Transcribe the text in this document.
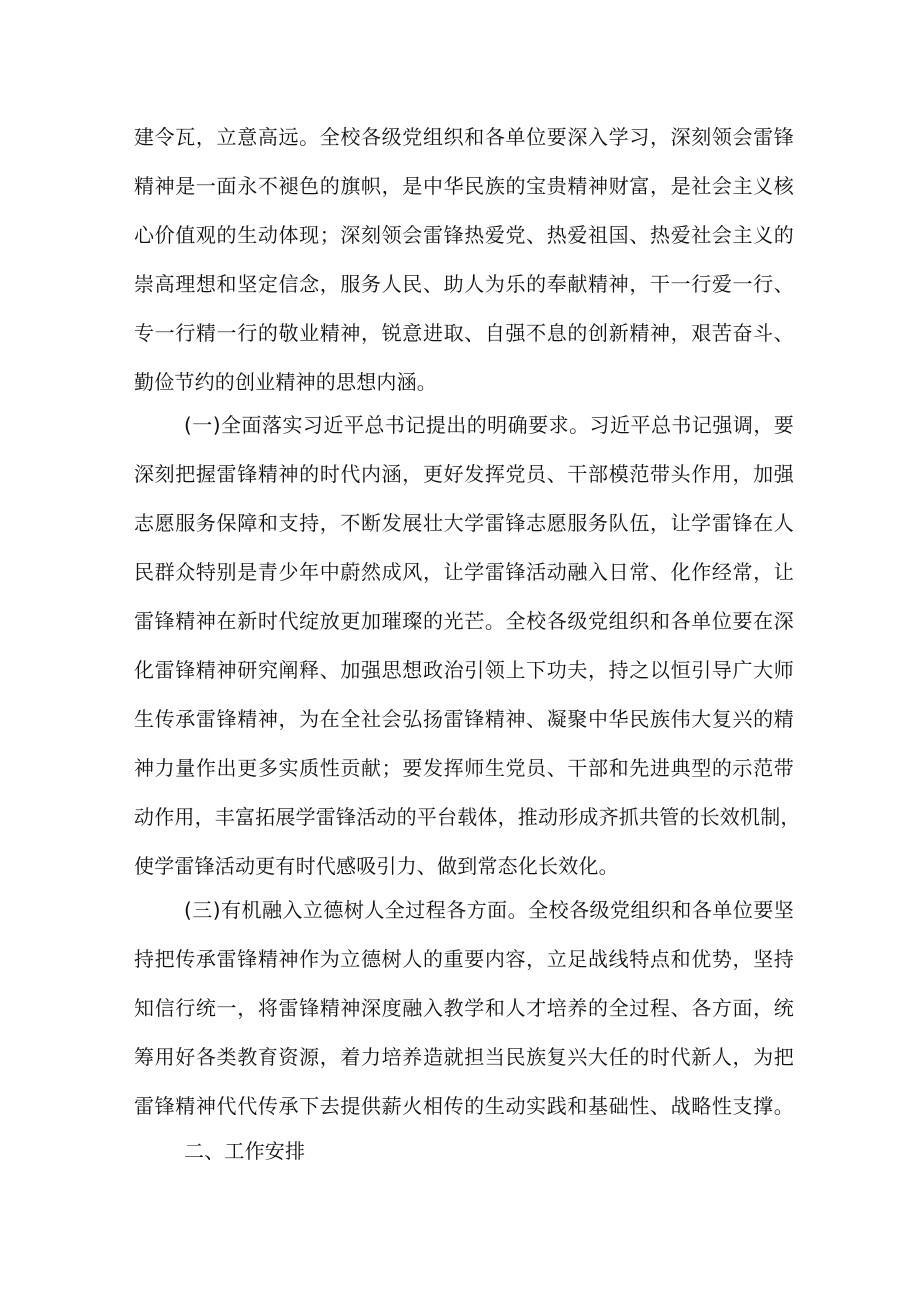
建令瓦，立意高远。全校各级党组织和各单位要深入学习，深刻领会雷锋
精神是一面永不褪色的旗帜，是中华民族的宝贵精神财富，是社会主义核
心价值观的生动体现；深刻领会雷锋热爱党、热爱祖国、热爱社会主义的
崇高理想和坚定信念，服务人民、助人为乐的奉献精神，干一行爱一行、
专一行精一行的敬业精神，锐意进取、自强不息的创新精神，艰苦奋斗、
勤俭节约的创业精神的思想内涵。
(一)全面落实习近平总书记提出的明确要求。习近平总书记强调，要
深刻把握雷锋精神的时代内涵，更好发挥党员、干部模范带头作用，加强
志愿服务保障和支持，不断发展壮大学雷锋志愿服务队伍，让学雷锋在人
民群众特别是青少年中蔚然成风，让学雷锋活动融入日常、化作经常，让
雷锋精神在新时代绽放更加璀璨的光芒。全校各级党组织和各单位要在深
化雷锋精神研究阐释、加强思想政治引领上下功夫，持之以恒引导广大师
生传承雷锋精神，为在全社会弘扬雷锋精神、凝聚中华民族伟大复兴的精
神力量作出更多实质性贡献；要发挥师生党员、干部和先进典型的示范带
动作用，丰富拓展学雷锋活动的平台载体，推动形成齐抓共管的长效机制，
使学雷锋活动更有时代感吸引力、做到常态化长效化。
(三)有机融入立德树人全过程各方面。全校各级党组织和各单位要坚
持把传承雷锋精神作为立德树人的重要内容，立足战线特点和优势，坚持
知信行统一，将雷锋精神深度融入教学和人才培养的全过程、各方面，统
筹用好各类教育资源，着力培养造就担当民族复兴大任的时代新人，为把
雷锋精神代代传承下去提供薪火相传的生动实践和基础性、战略性支撑。
二、工作安排
